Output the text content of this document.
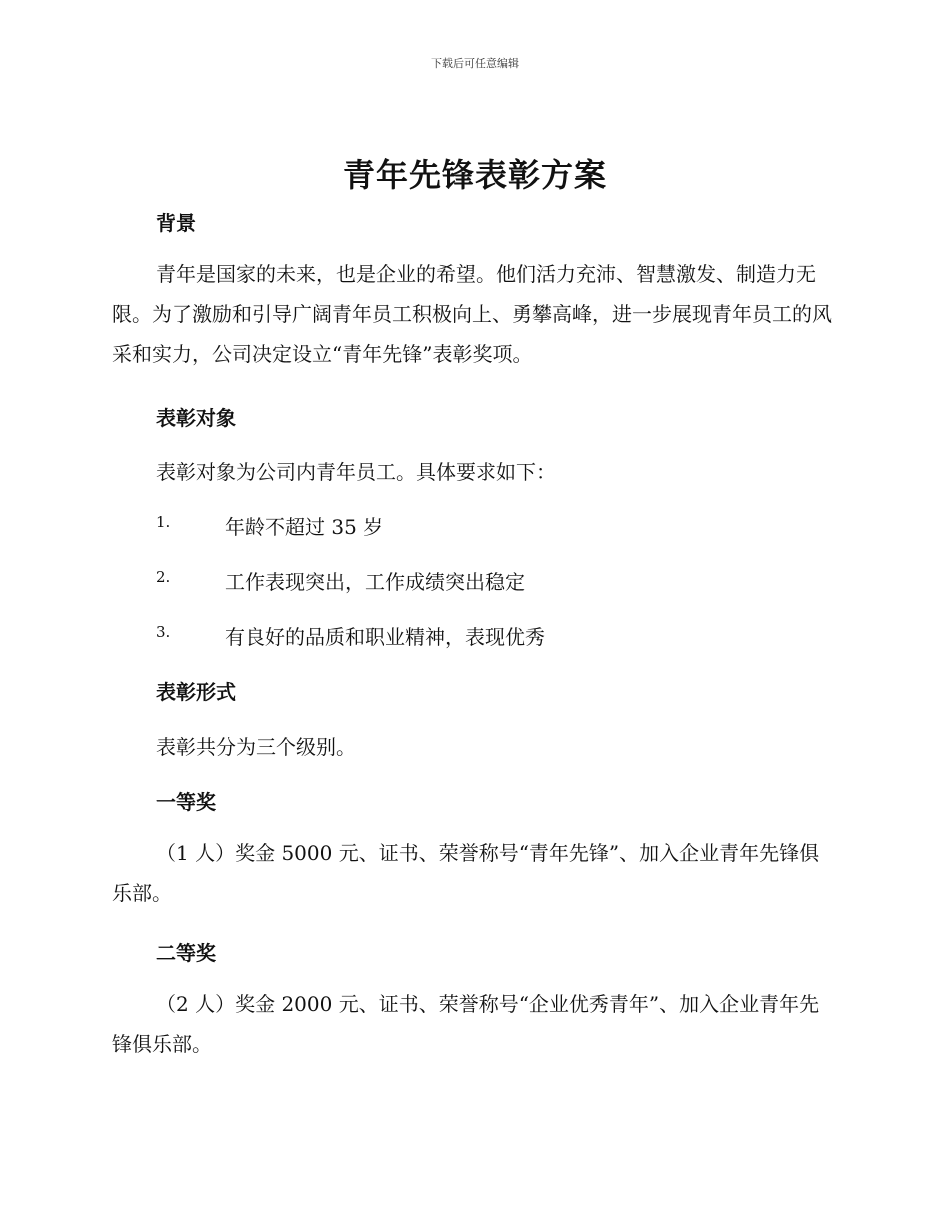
下载后可任意编辑
青年先锋表彰方案
背景
青年是国家的未来，也是企业的希望。他们活力充沛、智慧激发、制造力无限。为了激励和引导广阔青年员工积极向上、勇攀高峰，进一步展现青年员工的风采和实力，公司决定设立“青年先锋”表彰奖项。
表彰对象
表彰对象为公司内青年员工。具体要求如下：
1.	年龄不超过 35 岁
2.	工作表现突出，工作成绩突出稳定
3.	有良好的品质和职业精神，表现优秀
表彰形式
表彰共分为三个级别。
一等奖
（1 人）奖金 5000 元、证书、荣誉称号“青年先锋”、加入企业青年先锋俱乐部。
二等奖
（2 人）奖金 2000 元、证书、荣誉称号“企业优秀青年”、加入企业青年先锋俱乐部。
